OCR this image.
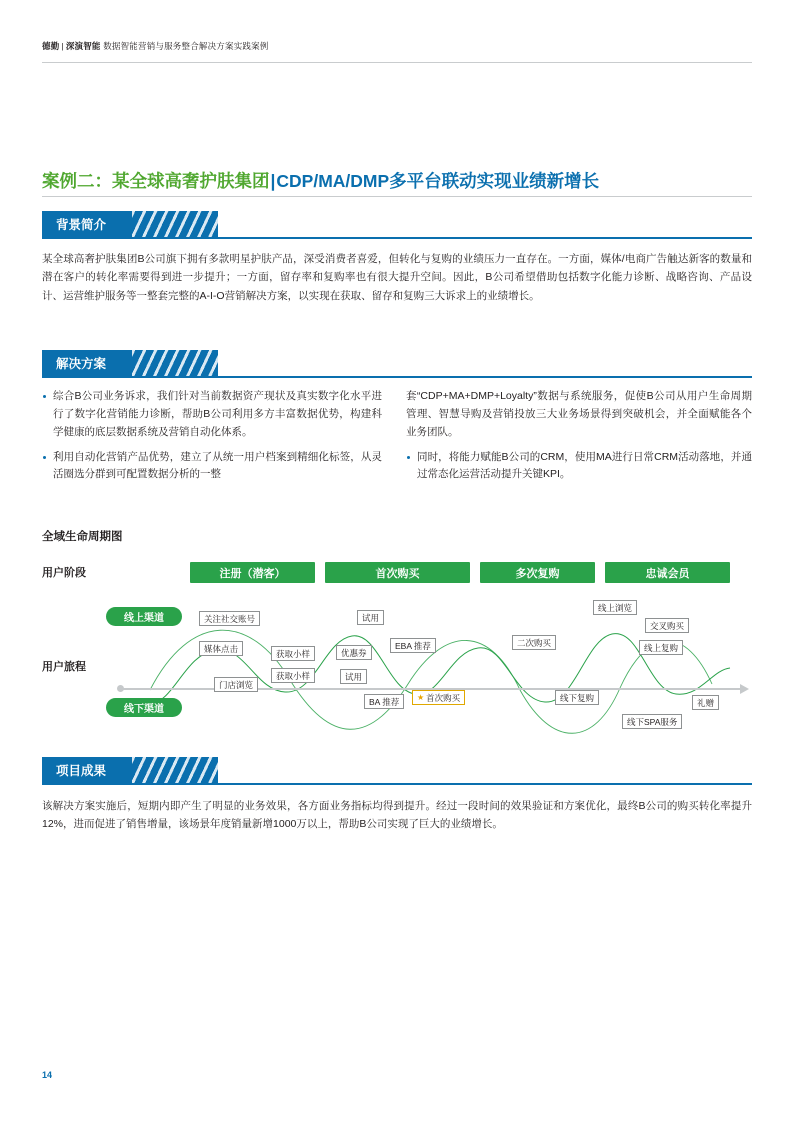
德勤 | 深演智能 数据智能营销与服务整合解决方案实践案例
案例二：某全球高奢护肤集团|CDP/MA/DMP多平台联动实现业绩新增长
背景简介
某全球高奢护肤集团B公司旗下拥有多款明星护肤产品，深受消费者喜爱，但转化与复购的业绩压力一直存在。一方面，媒体/电商广告触达新客的数量和潜在客户的转化率需要得到进一步提升；一方面，留存率和复购率也有很大提升空间。因此，B公司希望借助包括数字化能力诊断、战略咨询、产品设计、运营维护服务等一整套完整的A-I-O营销解决方案，以实现在获取、留存和复购三大诉求上的业绩增长。
解决方案
综合B公司业务诉求，我们针对当前数据资产现状及真实数字化水平进行了数字化营销能力诊断，帮助B公司利用多方丰富数据优势，构建科学健康的底层数据系统及营销自动化体系。
利用自动化营销产品优势，建立了从统一用户档案到精细化标签，从灵活圈选分群到可配置数据分析的一整
套“CDP+MA+DMP+Loyalty”数据与系统服务，促使B公司从用户生命周期管理、智慧导购及营销投放三大业务场景得到突破机会，并全面赋能各个业务团队。
同时，将能力赋能B公司的CRM，使用MA进行日常CRM活动落地，并通过常态化运营活动提升关键KPI。
全域生命周期图
用户阶段
用户旅程
注册（潜客）	首次购买	多次复购	忠诚会员
线上渠道
线下渠道
关注社交账号	试用
媒体点击	获取小样
EBA 推荐
优惠券
二次购买
线上浏览
交叉购买
线上复购
门店浏览
获取小样	试用
BA 推荐	★ 首次购买	线下复购
线下SPA服务
礼赠
项目成果
该解决方案实施后，短期内即产生了明显的业务效果，各方面业务指标均得到提升。经过一段时间的效果验证和方案优化，最终B公司的购买转化率提升12%，进而促进了销售增量，该场景年度销量新增1000万以上，帮助B公司实现了巨大的业绩增长。
14
